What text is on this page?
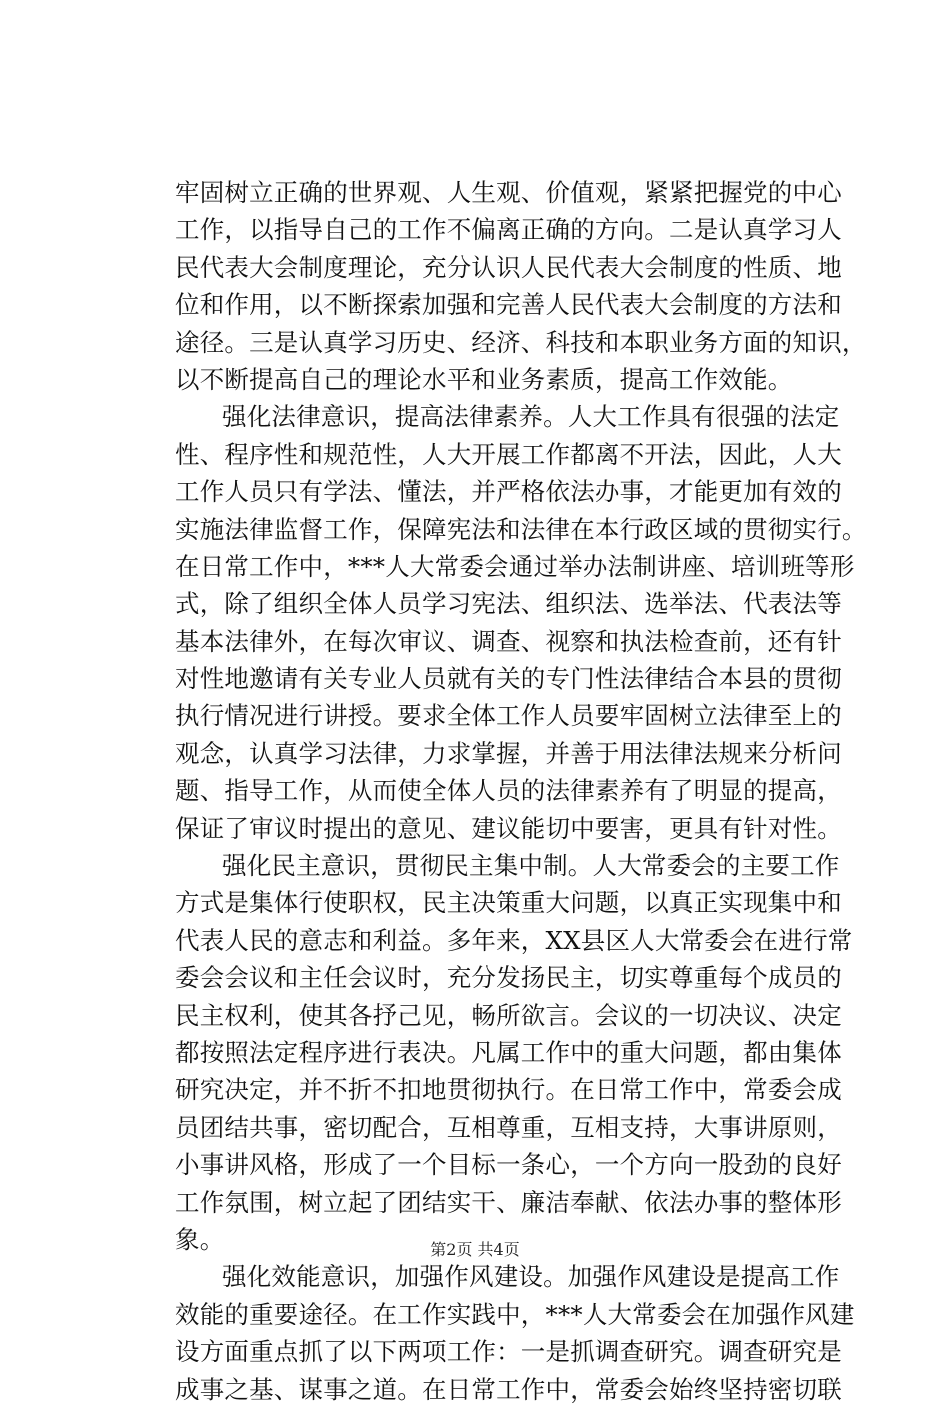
牢固树立正确的世界观、人生观、价值观，紧紧把握党的中心
工作，以指导自己的工作不偏离正确的方向。二是认真学习人
民代表大会制度理论，充分认识人民代表大会制度的性质、地
位和作用，以不断探索加强和完善人民代表大会制度的方法和
途径。三是认真学习历史、经济、科技和本职业务方面的知识，
以不断提高自己的理论水平和业务素质，提高工作效能。
强化法律意识，提高法律素养。人大工作具有很强的法定
性、程序性和规范性，人大开展工作都离不开法，因此，人大
工作人员只有学法、懂法，并严格依法办事，才能更加有效的
实施法律监督工作，保障宪法和法律在本行政区域的贯彻实行。
在日常工作中，***人大常委会通过举办法制讲座、培训班等形
式，除了组织全体人员学习宪法、组织法、选举法、代表法等
基本法律外，在每次审议、调查、视察和执法检查前，还有针
对性地邀请有关专业人员就有关的专门性法律结合本县的贯彻
执行情况进行讲授。要求全体工作人员要牢固树立法律至上的
观念，认真学习法律，力求掌握，并善于用法律法规来分析问
题、指导工作，从而使全体人员的法律素养有了明显的提高，
保证了审议时提出的意见、建议能切中要害，更具有针对性。
强化民主意识，贯彻民主集中制。人大常委会的主要工作
方式是集体行使职权，民主决策重大问题，以真正实现集中和
代表人民的意志和利益。多年来，XX县区人大常委会在进行常
委会会议和主任会议时，充分发扬民主，切实尊重每个成员的
民主权利，使其各抒己见，畅所欲言。会议的一切决议、决定
都按照法定程序进行表决。凡属工作中的重大问题，都由集体
研究决定，并不折不扣地贯彻执行。在日常工作中，常委会成
员团结共事，密切配合，互相尊重，互相支持，大事讲原则，
小事讲风格，形成了一个目标一条心，一个方向一股劲的良好
工作氛围，树立起了团结实干、廉洁奉献、依法办事的整体形
象。
强化效能意识，加强作风建设。加强作风建设是提高工作
效能的重要途径。在工作实践中，***人大常委会在加强作风建
设方面重点抓了以下两项工作：一是抓调查研究。调查研究是
成事之基、谋事之道。在日常工作中，常委会始终坚持密切联
第2页 共4页
